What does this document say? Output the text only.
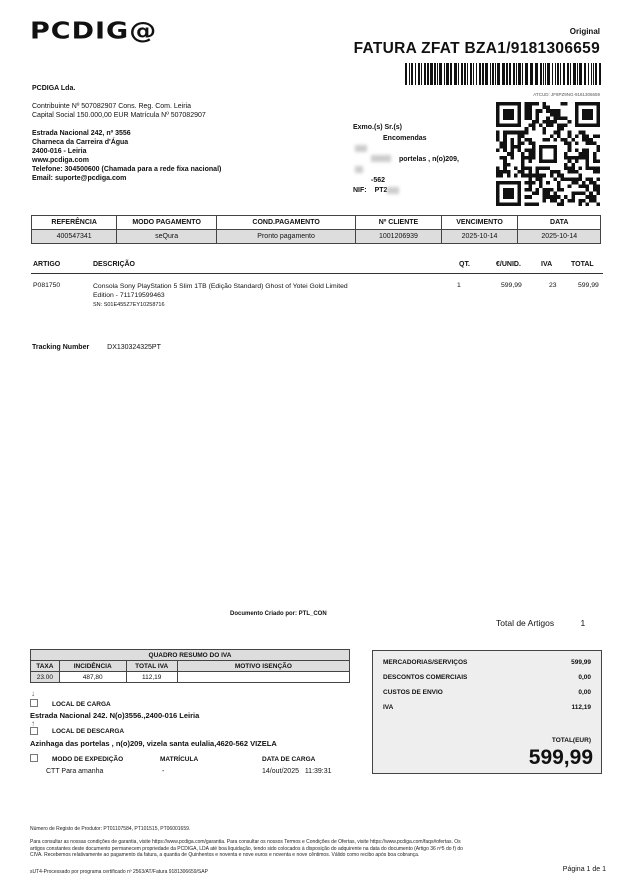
PCDIG@	Original
FATURA ZFAT BZA1/9181306659
ATCUD: JF8PZ9NG-9181306659
PCDIGA Lda.
Contribuinte Nº 507082907 Cons. Reg. Com. Leiria
Capital Social 150.000,00 EUR Matrícula Nº 507082907
Estrada Nacional 242, nº 3556
Charneca da Carreira d'Água
2400-016 - Leiria
www.pcdiga.com
Telefone: 304500600 (Chamada para a rede fixa nacional)
Email: suporte@pcdiga.com
Exmo.(s) Sr.(s)
Encomendas
portelas , n(o)209,
-562
NIF: PT2
REFERÊNCIA	MODO PAGAMENTO	COND.PAGAMENTO	Nº CLIENTE	VENCIMENTO	DATA
400547341	seQura	Pronto pagamento	1001206939	2025-10-14	2025-10-14
ARTIGO	DESCRIÇÃO	QT.	€/UNID.	IVA	TOTAL
P081750	Consola Sony PlayStation 5 Slim 1TB (Edição Standard) Ghost of Yotei Gold Limited
Edition - 711719599463
SN: S01E455Z7EY10258716
1	599,99	23	599,99
Tracking Number	DX130324325PT
Documento Criado por: PTL_CON
Total de Artigos	1
QUADRO RESUMO DO IVA			
TAXA	INCIDÊNCIA	TOTAL IVA	MOTIVO ISENÇÃO
23.00	487,80	112,19	

MERCADORIAS/SERVIÇOS	599,99
DESCONTOS COMERCIAIS	0,00
CUSTOS DE ENVIO	0,00
IVA	112,19
TOTAL(EUR)
599,99
↓
LOCAL DE CARGA
Estrada Nacional 242. N(o)3556.,2400-016 Leiria
↑
LOCAL DE DESCARGA
Azinhaga das portelas , n(o)209, vizela santa eulalia,4620-562 VIZELA
MODO DE EXPEDIÇÃO	MATRÍCULA	DATA DE CARGA
CTT Para amanha	-	14/out/2025   11:39:31
Número de Registo de Produtor: PT01107584, PT101515, PT06001659.
Para consultar as nossas condições de garantia, visite https://www.pcdiga.com/garantia. Para consultar os nossos Termos e Condições de Ofertas, visite https://www.pcdiga.com/faqs#ofertas. Os
artigos constantes deste documento permanecem propriedade da PCDIGA, LDA até boa liquidação, tendo sido colocados à disposição do adquirente na data do documento (Artigo 36 nº5 do f) do
CIVA. Recebemos relativamente ao pagamento da fatura, a quantia de Quinhentos e noventa e nove euros e noventa e nove cêntimos. Válido como recibo após boa cobrança.
sUT4-Processado por programa certificado nº 2563/AT/Fatura 9181306659/SAP	Página 1 de 1
